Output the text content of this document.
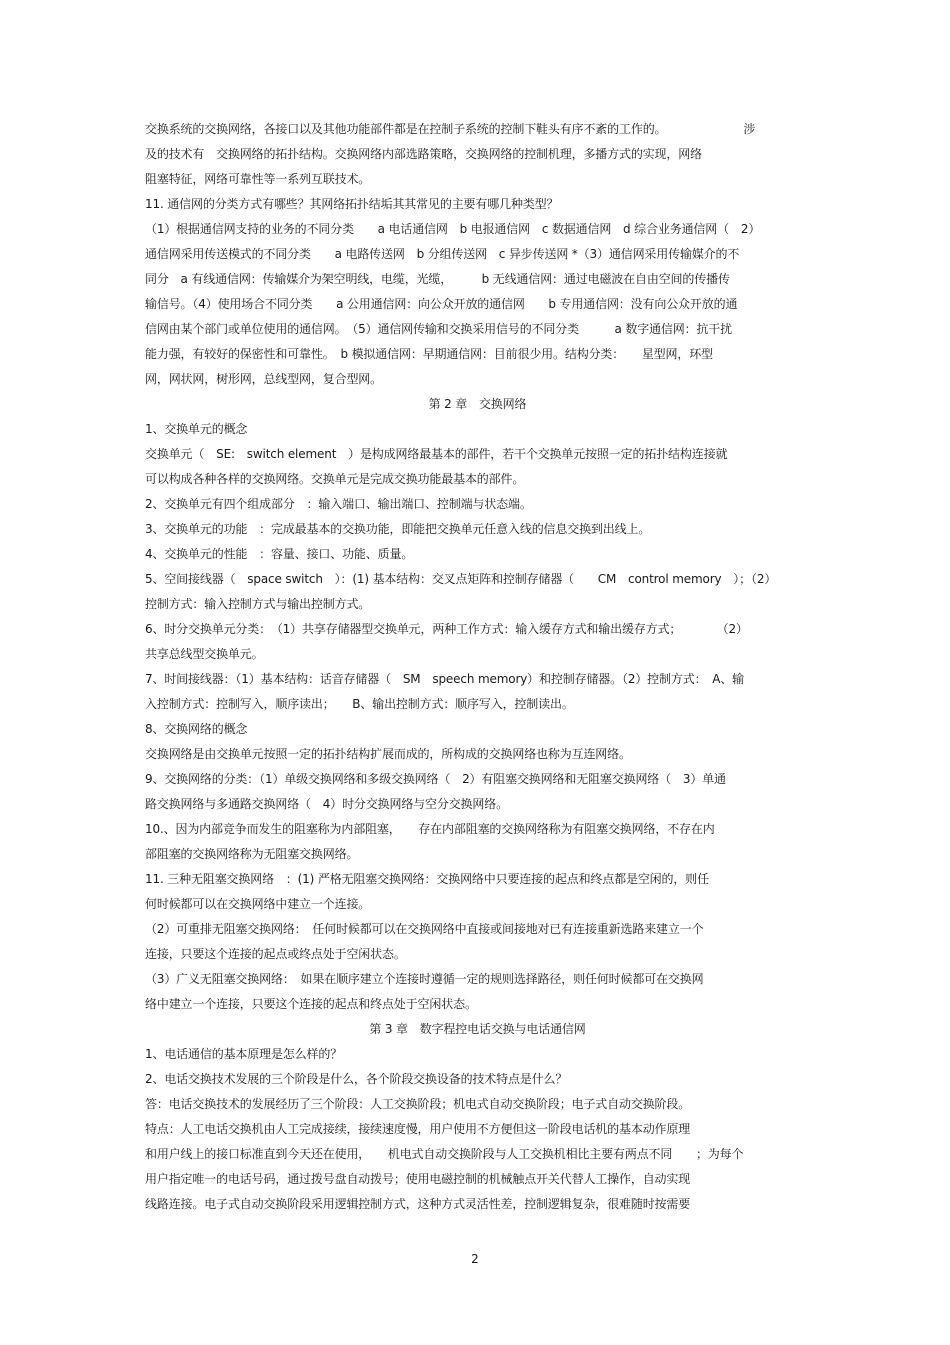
交换系统的交换网络，各接口以及其他功能部件都是在控制子系统的控制下鞋头有序不紊的工作的。　　　　　　　涉
及的技术有　交换网络的拓扑结构。交换网络内部选路策略，交换网络的控制机理，多播方式的实现，网络
阻塞特征，网络可靠性等一系列互联技术。
11. 通信网的分类方式有哪些？其网络拓扑结垢其其常见的主要有哪几种类型？
（1）根据通信网支持的业务的不同分类　　a 电话通信网　b 电报通信网　c 数据通信网　d 综合业务通信网（　2）
通信网采用传送模式的不同分类　　a 电路传送网　b 分组传送网　c 异步传送网 *（3）通信网采用传输媒介的不
同分　a 有线通信网：传输媒介为架空明线，电缆，光缆，　　　b 无线通信网：通过电磁波在自由空间的传播传
输信号。（4）使用场合不同分类　　a 公用通信网：向公众开放的通信网　　b 专用通信网：没有向公众开放的通
信网由某个部门或单位使用的通信网。　（5）通信网传输和交换采用信号的不同分类　　　a 数字通信网：抗干扰
能力强，有较好的保密性和可靠性。　b 模拟通信网：早期通信网：目前很少用。结构分类：　　星型网，环型
网，网状网，树形网，总线型网，复合型网。
第 2 章　交换网络
1、交换单元的概念
交换单元（　SE:　switch element　）是构成网络最基本的部件，若干个交换单元按照一定的拓扑结构连接就
可以构成各种各样的交换网络。交换单元是完成交换功能最基本的部件。
2、交换单元有四个组成部分　：输入端口、输出端口、控制端与状态端。
3、交换单元的功能　：完成最基本的交换功能，即能把交换单元任意入线的信息交换到出线上。
4、交换单元的性能　：容量、接口、功能、质量。
5、空间接线器（　space switch　）：(1) 基本结构：交叉点矩阵和控制存储器（　　CM　control memory　）；（2）
控制方式：输入控制方式与输出控制方式。
6、时分交换单元分类：　（1）共享存储器型交换单元，两种工作方式：输入缓存方式和输出缓存方式；　　　　（2）
共享总线型交换单元。
7、时间接线器：（1）基本结构：话音存储器（　SM　speech memory）和控制存储器。（2）控制方式：　A、输
入控制方式：控制写入，顺序读出；　　B、输出控制方式：顺序写入，控制读出。
8、交换网络的概念
交换网络是由交换单元按照一定的拓扑结构扩展而成的，所构成的交换网络也称为互连网络。
9、交换网络的分类：（1）单级交换网络和多级交换网络（　2）有阻塞交换网络和无阻塞交换网络（　3）单通
路交换网络与多通路交换网络（　4）时分交换网络与空分交换网络。
10.、因为内部竞争而发生的阻塞称为内部阻塞，　　存在内部阻塞的交换网络称为有阻塞交换网络，不存在内
部阻塞的交换网络称为无阻塞交换网络。
11. 三种无阻塞交换网络　：(1) 严格无阻塞交换网络：交换网络中只要连接的起点和终点都是空闲的，则任
何时候都可以在交换网络中建立一个连接。
（2）可重排无阻塞交换网络：　任何时候都可以在交换网络中直接或间接地对已有连接重新选路来建立一个
连接，只要这个连接的起点或终点处于空闲状态。
（3）广义无阻塞交换网络：　如果在顺序建立个连接时遵循一定的规则选择路径，则任何时候都可在交换网
络中建立一个连接，只要这个连接的起点和终点处于空闲状态。
第 3 章　数字程控电话交换与电话通信网
1、电话通信的基本原理是怎么样的？
2、电话交换技术发展的三个阶段是什么，各个阶段交换设备的技术特点是什么？
答：电话交换技术的发展经历了三个阶段：人工交换阶段；机电式自动交换阶段；电子式自动交换阶段。
特点：人工电话交换机由人工完成接续，接续速度慢，用户使用不方便但这一阶段电话机的基本动作原理
和用户线上的接口标准直到今天还在使用，　　机电式自动交换阶段与人工交换机相比主要有两点不同　　；为每个
用户指定唯一的电话号码，通过拨号盘自动拨号；使用电磁控制的机械触点开关代替人工操作，自动实现
线路连接。电子式自动交换阶段采用逻辑控制方式，这种方式灵活性差，控制逻辑复杂，很难随时按需要
2
